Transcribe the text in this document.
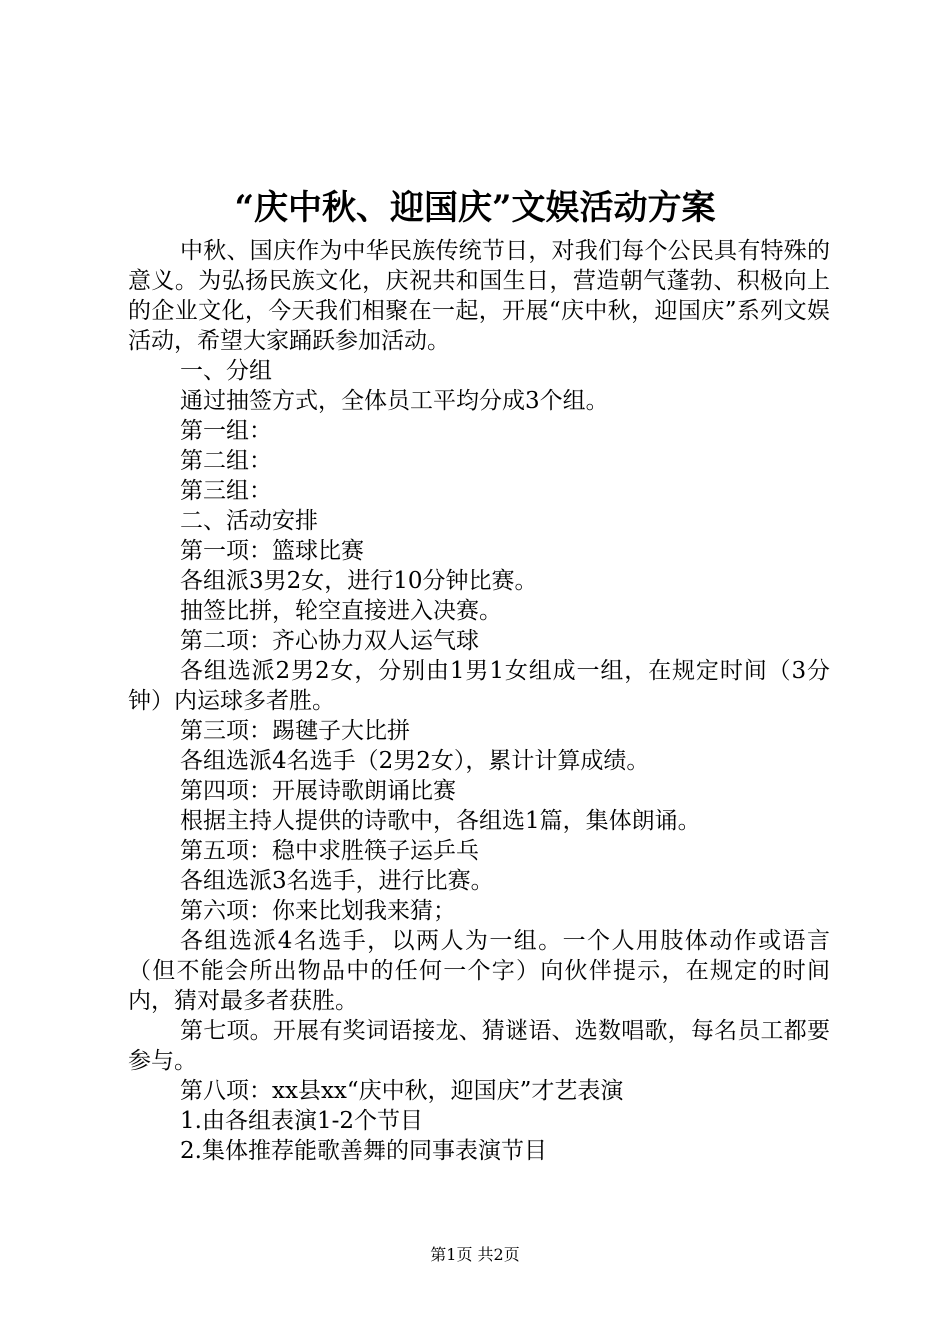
“庆中秋、迎国庆”文娱活动方案

中秋、国庆作为中华民族传统节日，对我们每个公民具有特殊的意义。为弘扬民族文化，庆祝共和国生日，营造朝气蓬勃、积极向上的企业文化，今天我们相聚在一起，开展“庆中秋，迎国庆”系列文娱活动，希望大家踊跃参加活动。

一、分组

通过抽签方式，全体员工平均分成3个组。

第一组：

第二组：

第三组：

二、活动安排

第一项：篮球比赛

各组派3男2女，进行10分钟比赛。

抽签比拼，轮空直接进入决赛。

第二项：齐心协力双人运气球

各组选派2男2女，分别由1男1女组成一组，在规定时间（3分钟）内运球多者胜。

第三项：踢毽子大比拼

各组选派4名选手（2男2女），累计计算成绩。

第四项：开展诗歌朗诵比赛

根据主持人提供的诗歌中，各组选1篇，集体朗诵。

第五项：稳中求胜筷子运乒乓

各组选派3名选手，进行比赛。

第六项：你来比划我来猜；

各组选派4名选手，以两人为一组。一个人用肢体动作或语言（但不能会所出物品中的任何一个字）向伙伴提示，在规定的时间内，猜对最多者获胜。

第七项。开展有奖词语接龙、猜谜语、选数唱歌，每名员工都要参与。

第八项：xx县xx“庆中秋，迎国庆”才艺表演

1.由各组表演1-2个节目

2.集体推荐能歌善舞的同事表演节目

第1页 共2页
